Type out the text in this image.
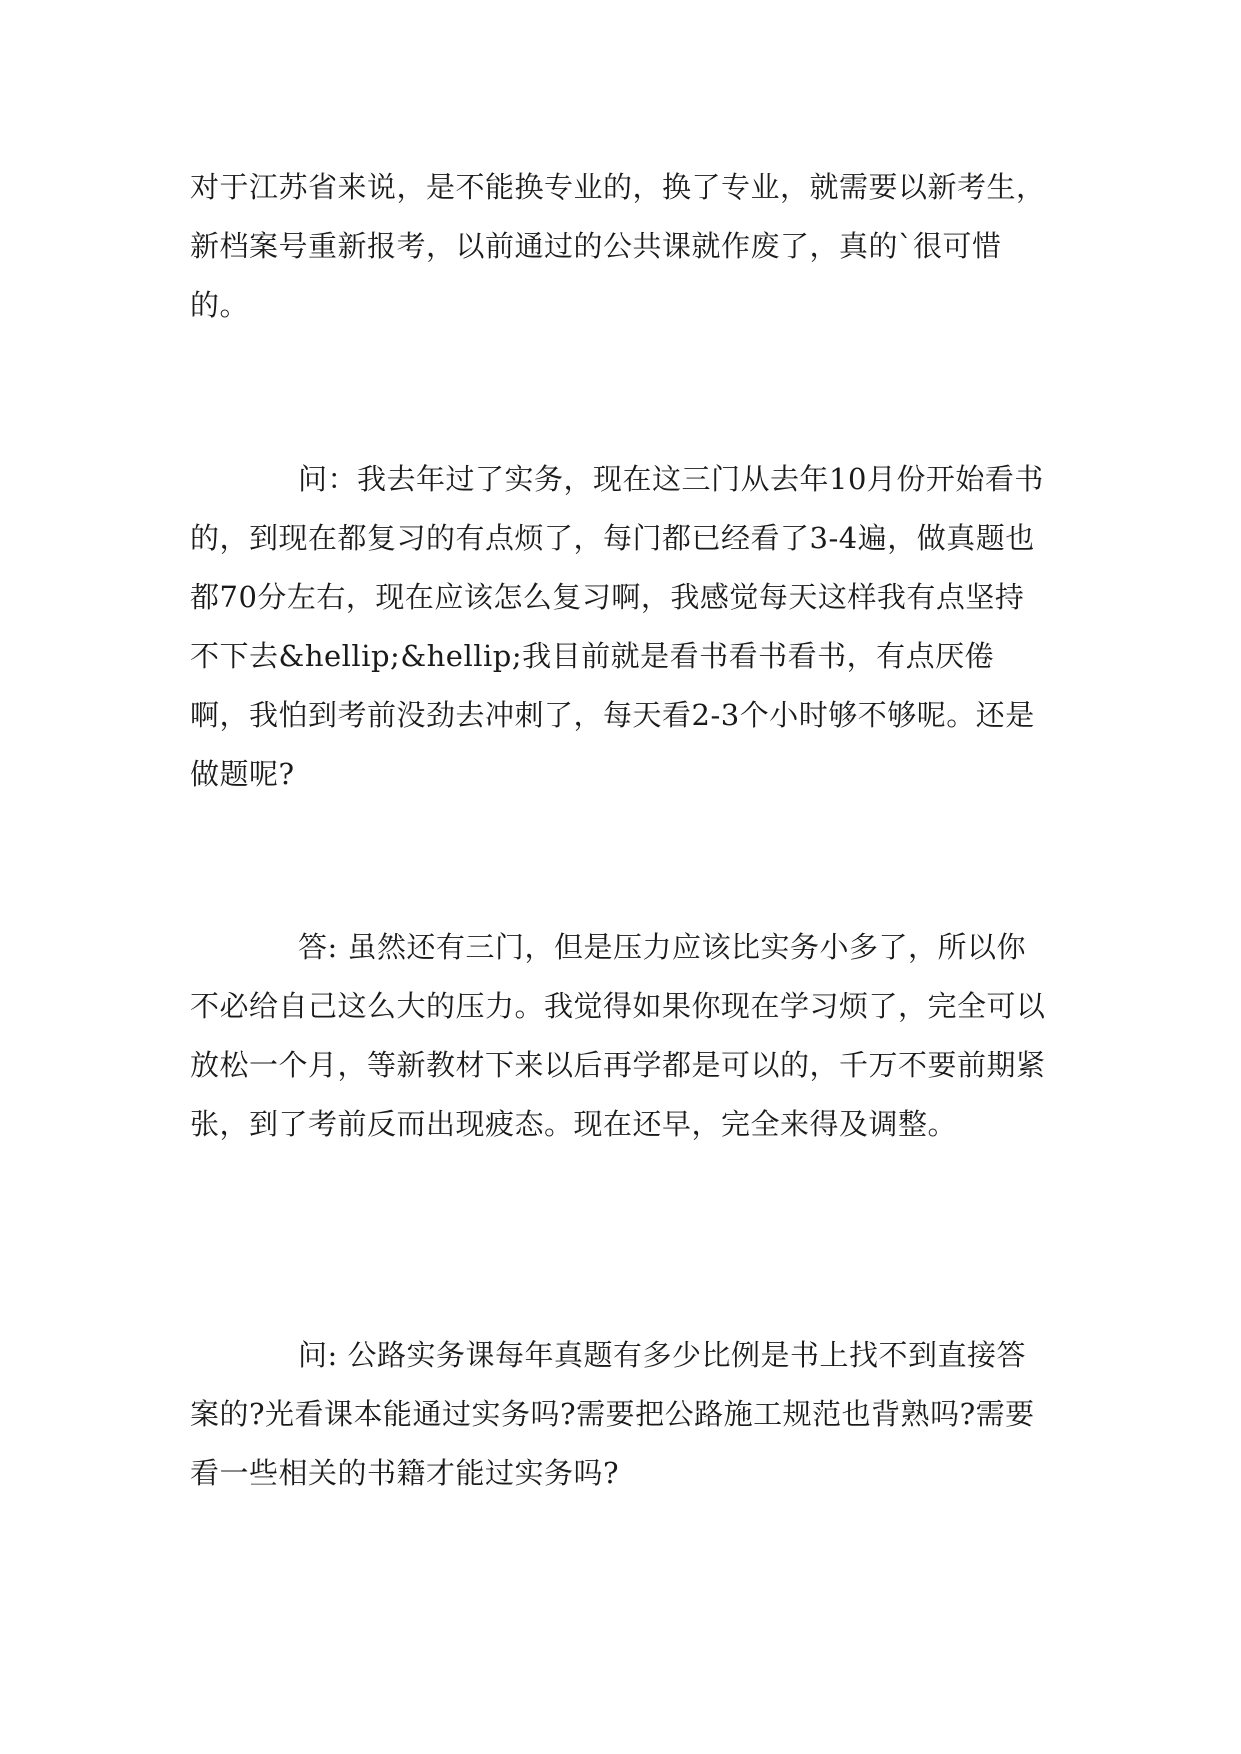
对于江苏省来说，是不能换专业的，换了专业，就需要以新考生，新档案号重新报考，以前通过的公共课就作废了，真的`很可惜的。

问：我去年过了实务，现在这三门从去年10月份开始看书的，到现在都复习的有点烦了，每门都已经看了3-4遍，做真题也都70分左右，现在应该怎么复习啊，我感觉每天这样我有点坚持不下去&hellip;&hellip;我目前就是看书看书看书，有点厌倦啊，我怕到考前没劲去冲刺了，每天看2-3个小时够不够呢。还是做题呢?

答: 虽然还有三门，但是压力应该比实务小多了，所以你不必给自己这么大的压力。我觉得如果你现在学习烦了，完全可以放松一个月，等新教材下来以后再学都是可以的，千万不要前期紧张，到了考前反而出现疲态。现在还早，完全来得及调整。

问: 公路实务课每年真题有多少比例是书上找不到直接答案的?光看课本能通过实务吗?需要把公路施工规范也背熟吗?需要看一些相关的书籍才能过实务吗?
